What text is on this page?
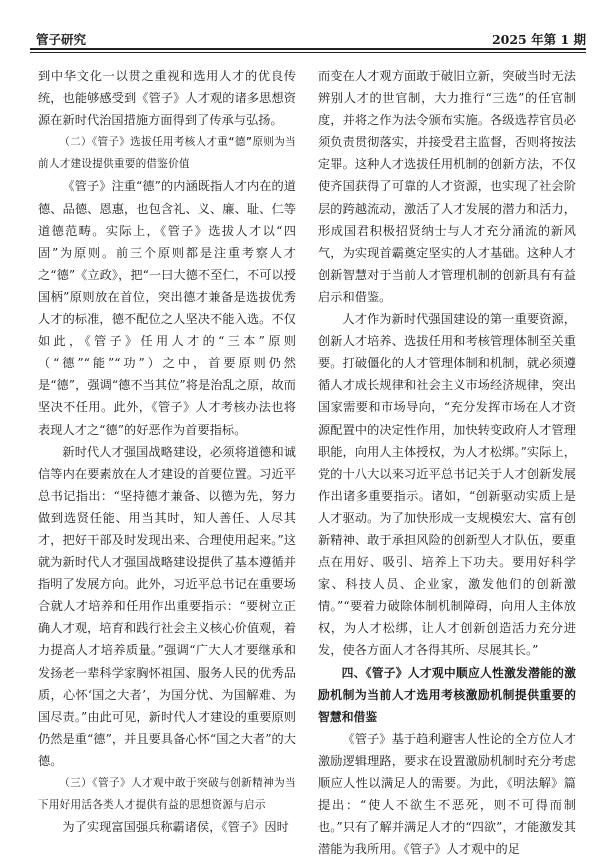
管子研究	2025 年第 1 期

到中华文化一以贯之重视和选用人才的优良传统，也能够感受到《管子》人才观的诸多思想资源在新时代治国措施方面得到了传承与弘扬。

（二）《管子》选拔任用考核人才重“德”原则为当前人才建设提供重要的借鉴价值

《管子》注重“德”的内涵既指人才内在的道德、品德、恩惠，也包含礼、义、廉、耻、仁等道德范畴。实际上，《管子》选拔人才以“四固”为原则。前三个原则都是注重考察人才之“德”《立政》，把“一曰大德不至仁，不可以授国柄”原则放在首位，突出德才兼备是选拔优秀人才的标准，德不配位之人坚决不能入选。不仅如此，《管子》任用人才的“三本”原则（“德”“能”“功”）之中，首要原则仍然是“德”，强调“德不当其位”将是治乱之原，故而坚决不任用。此外，《管子》人才考核办法也将表现人才之“德”的好恶作为首要指标。

新时代人才强国战略建设，必须将道德和诚信等内在要素放在人才建设的首要位置。习近平总书记指出：“坚持德才兼备、以德为先，努力做到选贤任能、用当其时，知人善任、人尽其才，把好干部及时发现出来、合理使用起来。”这就为新时代人才强国战略建设提供了基本遵循并指明了发展方向。此外，习近平总书记在重要场合就人才培养和任用作出重要指示：“要树立正确人才观，培育和践行社会主义核心价值观，着力提高人才培养质量。”强调“广大人才要继承和发扬老一辈科学家胸怀祖国、服务人民的优秀品质，心怀‘国之大者’，为国分忧、为国解难、为国尽责。”由此可见，新时代人才建设的重要原则仍然是重“德”，并且要具备心怀“国之大者”的大德。

（三）《管子》人才观中敢于突破与创新精神为当下用好用活各类人才提供有益的思想资源与启示

为了实现富国强兵称霸诸侯，《管子》因时

而变在人才观方面敢于破旧立新，突破当时无法辨别人才的世官制，大力推行“三选”的任官制度，并将之作为法令颁布实施。各级选荐官员必须负责贯彻落实，并接受君主监督，否则将按法定罪。这种人才选拔任用机制的创新方法，不仅使齐国获得了可靠的人才资源，也实现了社会阶层的跨越流动，激活了人才发展的潜力和活力，形成国君积极招贤纳士与人才充分涌流的新风气，为实现首霸奠定坚实的人才基础。这种人才创新智慧对于当前人才管理机制的创新具有有益启示和借鉴。

人才作为新时代强国建设的第一重要资源，创新人才培养、选拔任用和考核管理体制至关重要。打破僵化的人才管理体制和机制，就必须遵循人才成长规律和社会主义市场经济规律，突出国家需要和市场导向，“充分发挥市场在人才资源配置中的决定性作用，加快转变政府人才管理职能，向用人主体授权，为人才松绑。”实际上，党的十八大以来习近平总书记关于人才创新发展作出诸多重要指示。诸如，“创新驱动实质上是人才驱动。为了加快形成一支规模宏大、富有创新精神、敢于承担风险的创新型人才队伍，要重点在用好、吸引、培养上下功夫。要用好科学家、科技人员、企业家，激发他们的创新激情。”“要着力破除体制机制障碍，向用人主体放权，为人才松绑，让人才创新创造活力充分进发，使各方面人才各得其所、尽展其长。”

四、《管子》人才观中顺应人性激发潜能的激励机制为当前人才选用考核激励机制提供重要的智慧和借鉴

《管子》基于趋利避害人性论的全方位人才激励逻辑理路，要求在设置激励机制时充分考虑顺应人性以满足人的需要。为此，《明法解》篇提出：“使人不欲生不恶死，则不可得而制也。”只有了解并满足人才的“四欲”，才能激发其潜能为我所用。《管子》人才观中的足
